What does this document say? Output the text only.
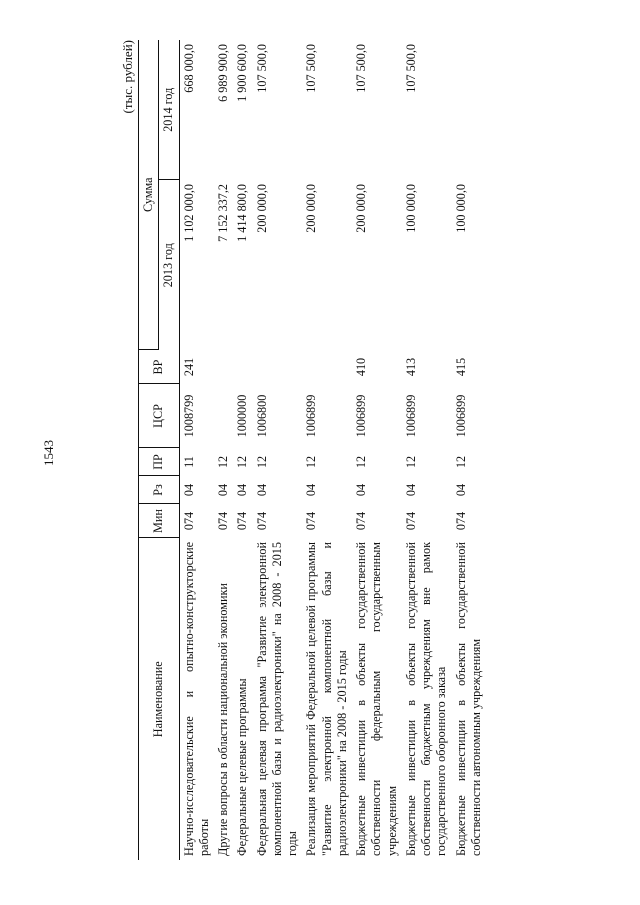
1543
(тыс. рублей)
Наименование	Мин	Рз	ПР	ЦСР	ВР	Сумма	
						2013 год	2014 год
Научно-исследовательские и опытно-конструкторские работы	074	04	11	1008799	241	1 102 000,0	668 000,0
Другие вопросы в области национальной экономики	074	04	12			7 152 337,2	6 989 900,0
Федеральные целевые программы	074	04	12	1000000		1 414 800,0	1 900 600,0
Федеральная целевая программа "Развитие электронной компонентной базы и радиоэлектроники" на 2008 - 2015 годы	074	04	12	1006800		200 000,0	107 500,0
Реализация мероприятий Федеральной целевой программы "Развитие электронной компонентной базы и радиоэлектроники" на 2008 - 2015 годы	074	04	12	1006899		200 000,0	107 500,0
Бюджетные инвестиции в объекты государственной собственности федеральным государственным учреждениям	074	04	12	1006899	410	200 000,0	107 500,0
Бюджетные инвестиции в объекты государственной собственности бюджетным учреждениям вне рамок государственного оборонного заказа	074	04	12	1006899	413	100 000,0	107 500,0
Бюджетные инвестиции в объекты государственной собственности автономным учреждениям	074	04	12	1006899	415	100 000,0	
